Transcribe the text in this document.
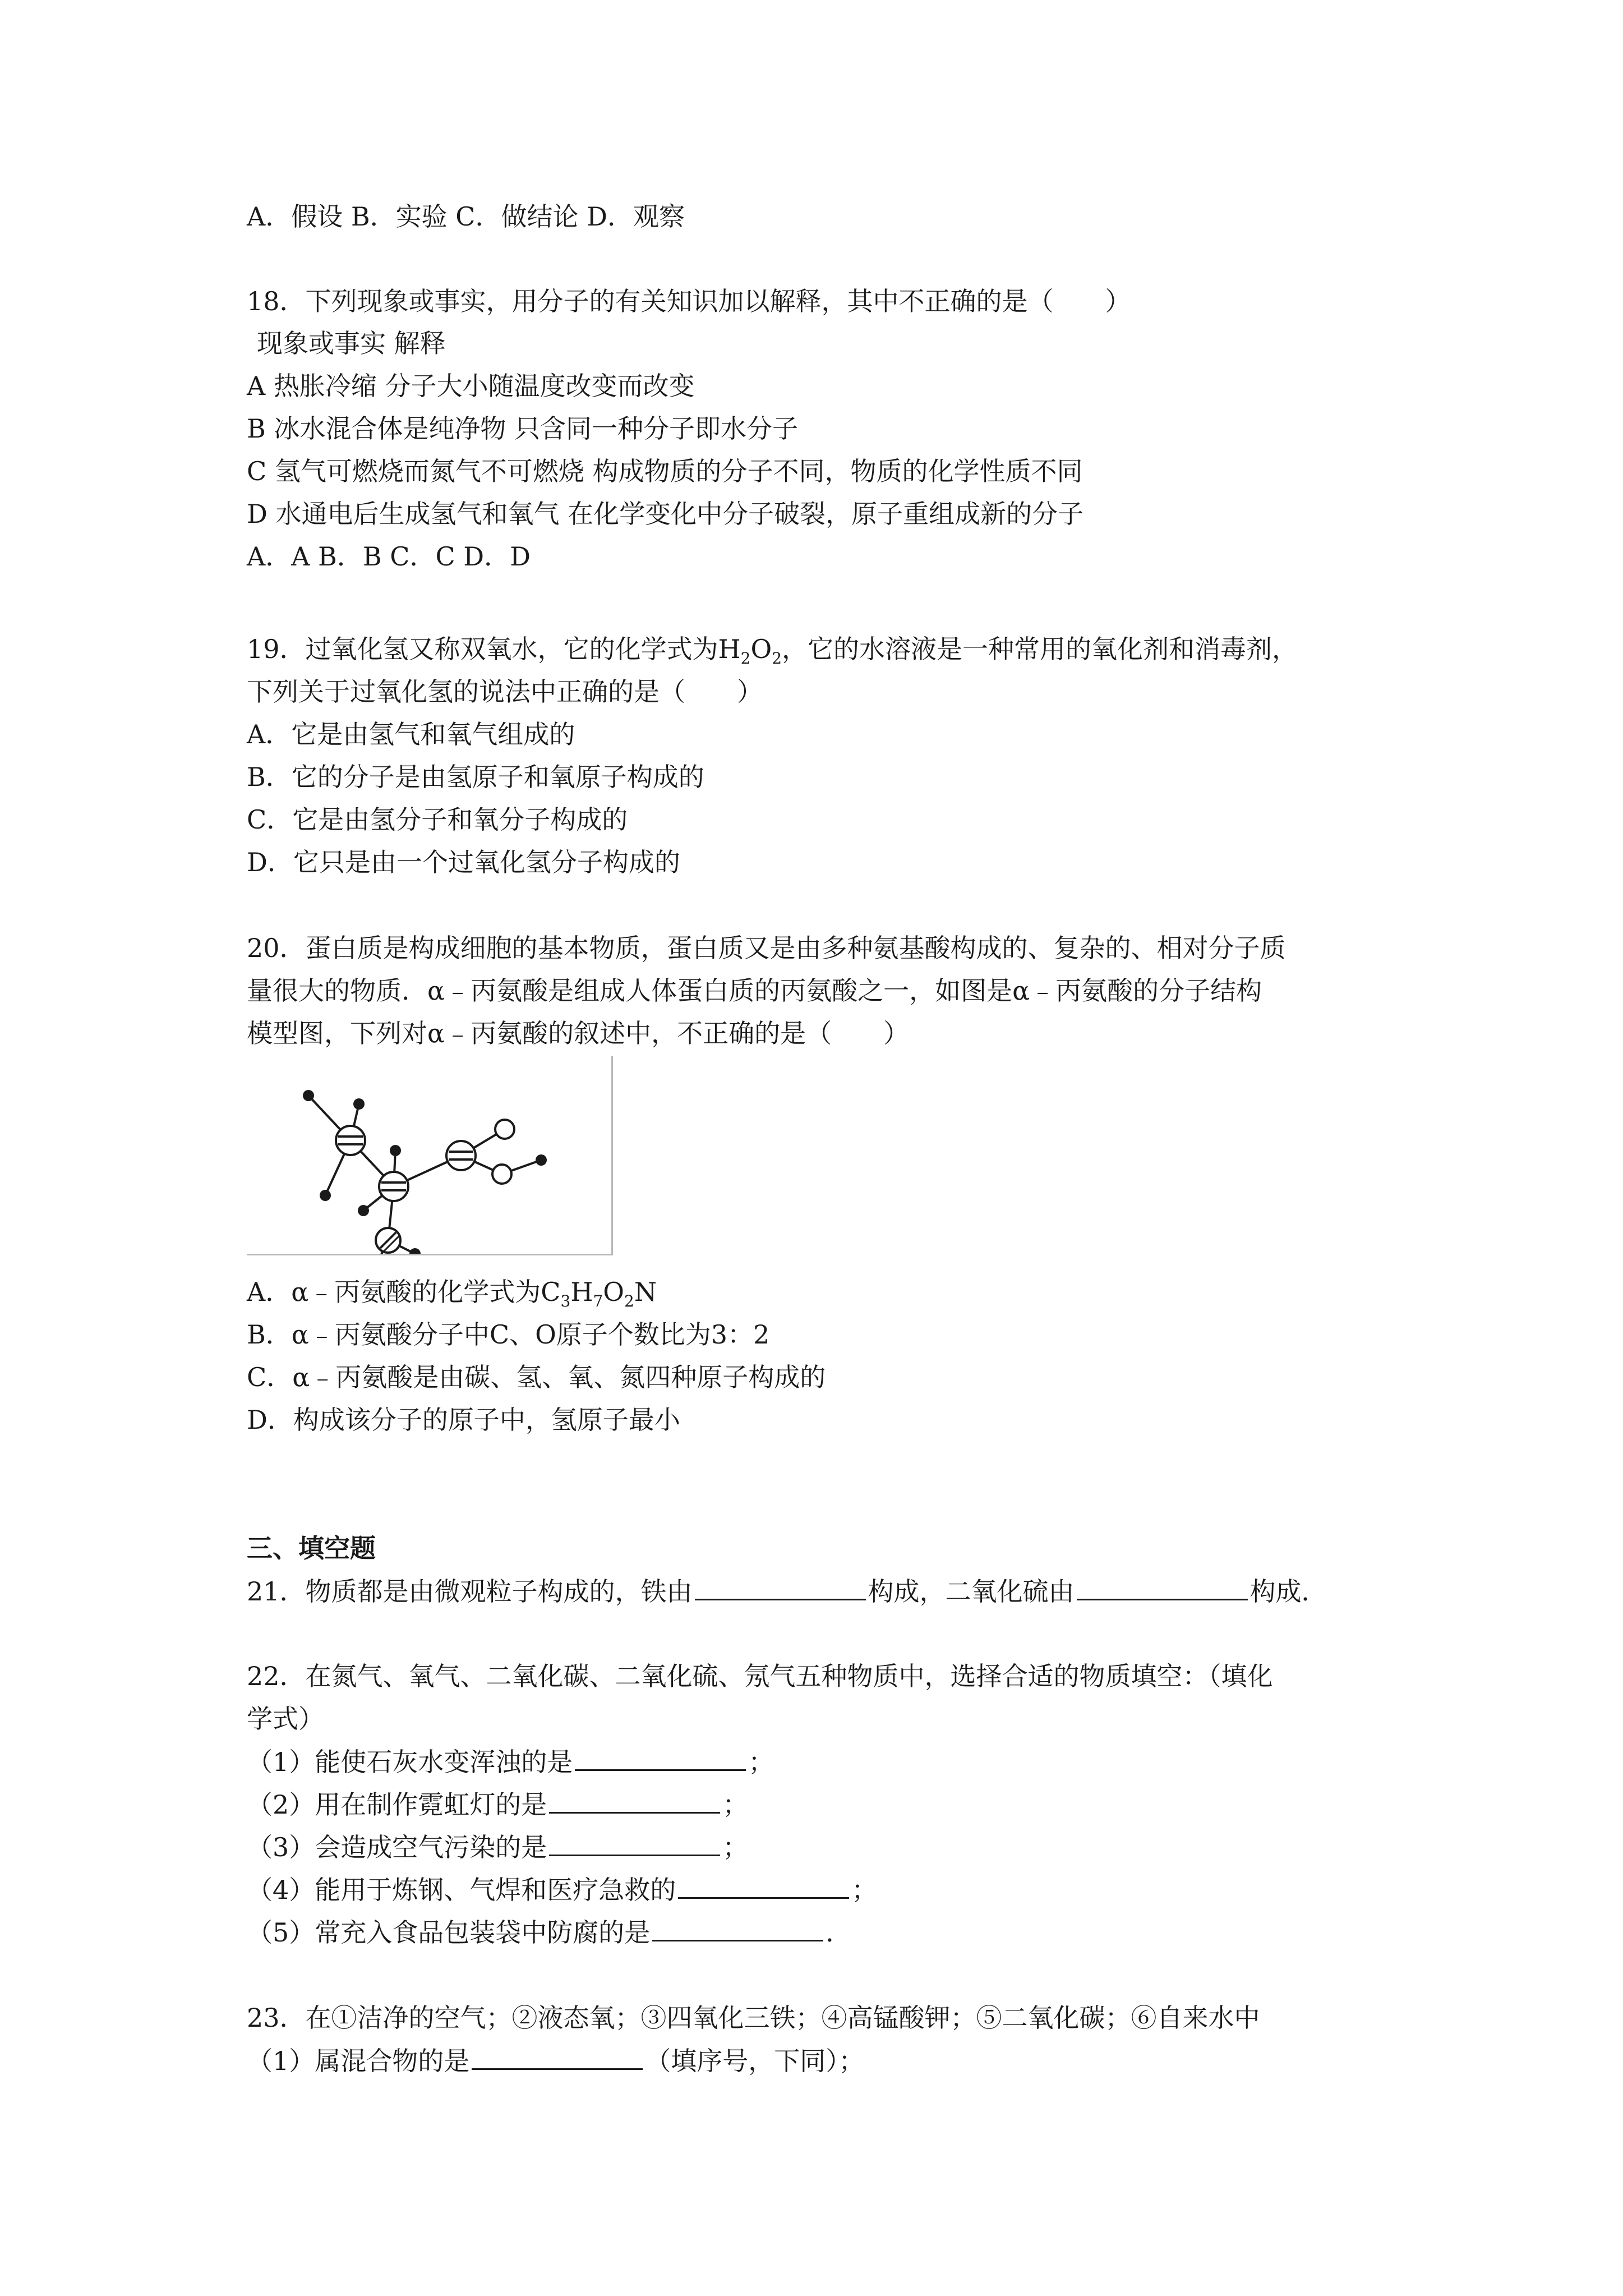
A．假设 B．实验 C．做结论 D．观察
18．下列现象或事实，用分子的有关知识加以解释，其中不正确的是（　　）
现象或事实 解释
A 热胀冷缩 分子大小随温度改变而改变
B 冰水混合体是纯净物 只含同一种分子即水分子
C 氢气可燃烧而氮气不可燃烧 构成物质的分子不同，物质的化学性质不同
D 水通电后生成氢气和氧气 在化学变化中分子破裂，原子重组成新的分子
A．A B．B C．C D．D
19．过氧化氢又称双氧水，它的化学式为$H_2O_2$，它的水溶液是一种常用的氧化剂和消毒剂，
下列关于过氧化氢的说法中正确的是（　　）
A．它是由氢气和氧气组成的
B．它的分子是由氢原子和氧原子构成的
C．它是由氢分子和氧分子构成的
D．它只是由一个过氧化氢分子构成的
20．蛋白质是构成细胞的基本物质，蛋白质又是由多种氨基酸构成的、复杂的、相对分子质
量很大的物质．α﹣丙氨酸是组成人体蛋白质的丙氨酸之一，如图是α﹣丙氨酸的分子结构
模型图，下列对α﹣丙氨酸的叙述中，不正确的是（　　）
A．α﹣丙氨酸的化学式为$C_3H_7O_2N$
B．α﹣丙氨酸分子中C、O原子个数比为3：2
C．α﹣丙氨酸是由碳、氢、氧、氮四种原子构成的
D．构成该分子的原子中，氢原子最小
三、填空题
21．物质都是由微观粒子构成的，铁由	构成，二氧化硫由	构成．
22．在氮气、氧气、二氧化碳、二氧化硫、氖气五种物质中，选择合适的物质填空：（填化
学式）
（1）能使石灰水变浑浊的是	；
（2）用在制作霓虹灯的是	；
（3）会造成空气污染的是	；
（4）能用于炼钢、气焊和医疗急救的	；
（5）常充入食品包装袋中防腐的是	．
23．在①洁净的空气；②液态氧；③四氧化三铁；④高锰酸钾；⑤二氧化碳；⑥自来水中
（1）属混合物的是	（填序号，下同）；
